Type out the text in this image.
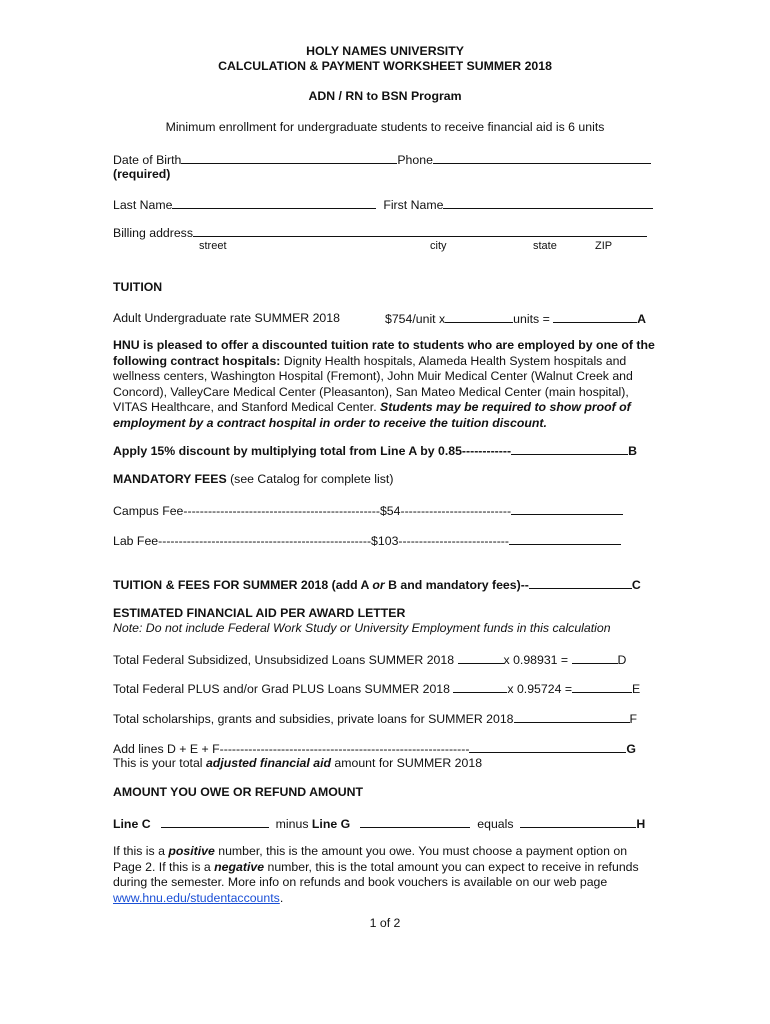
HOLY NAMES UNIVERSITY
CALCULATION & PAYMENT WORKSHEET SUMMER 2018
ADN / RN to BSN Program
Minimum enrollment for undergraduate students to receive financial aid is 6 units
Date of Birth	Phone
(required)
Last Name	First Name
Billing address
street	city	state	ZIP
TUITION
Adult Undergraduate rate SUMMER 2018	$754/unit x	units =	A
HNU is pleased to offer a discounted tuition rate to students who are employed by one of the following contract hospitals: Dignity Health hospitals, Alameda Health System hospitals and wellness centers, Washington Hospital (Fremont), John Muir Medical Center (Walnut Creek and Concord), ValleyCare Medical Center (Pleasanton), San Mateo Medical Center (main hospital), VITAS Healthcare, and Stanford Medical Center. Students may be required to show proof of employment by a contract hospital in order to receive the tuition discount.
Apply 15% discount by multiplying total from Line A by 0.85------------	B
MANDATORY FEES (see Catalog for complete list)
Campus Fee------------------------------------------------$54---------------------------
Lab Fee----------------------------------------------------$103---------------------------
TUITION & FEES FOR SUMMER 2018 (add A or B and mandatory fees)--	C
ESTIMATED FINANCIAL AID PER AWARD LETTER
Note: Do not include Federal Work Study or University Employment funds in this calculation
Total Federal Subsidized, Unsubsidized Loans SUMMER 2018	x 0.98931 =	D
Total Federal PLUS and/or Grad PLUS Loans SUMMER 2018	x 0.95724 =	E
Total scholarships, grants and subsidies, private loans for SUMMER 2018	F
Add lines D + E + F-------------------------------------------------------------	G
This is your total adjusted financial aid amount for SUMMER 2018
AMOUNT YOU OWE OR REFUND AMOUNT
Line C	minus Line G	equals	H
If this is a positive number, this is the amount you owe. You must choose a payment option on Page 2. If this is a negative number, this is the total amount you can expect to receive in refunds during the semester. More info on refunds and book vouchers is available on our web page www.hnu.edu/studentaccounts.
1 of 2
